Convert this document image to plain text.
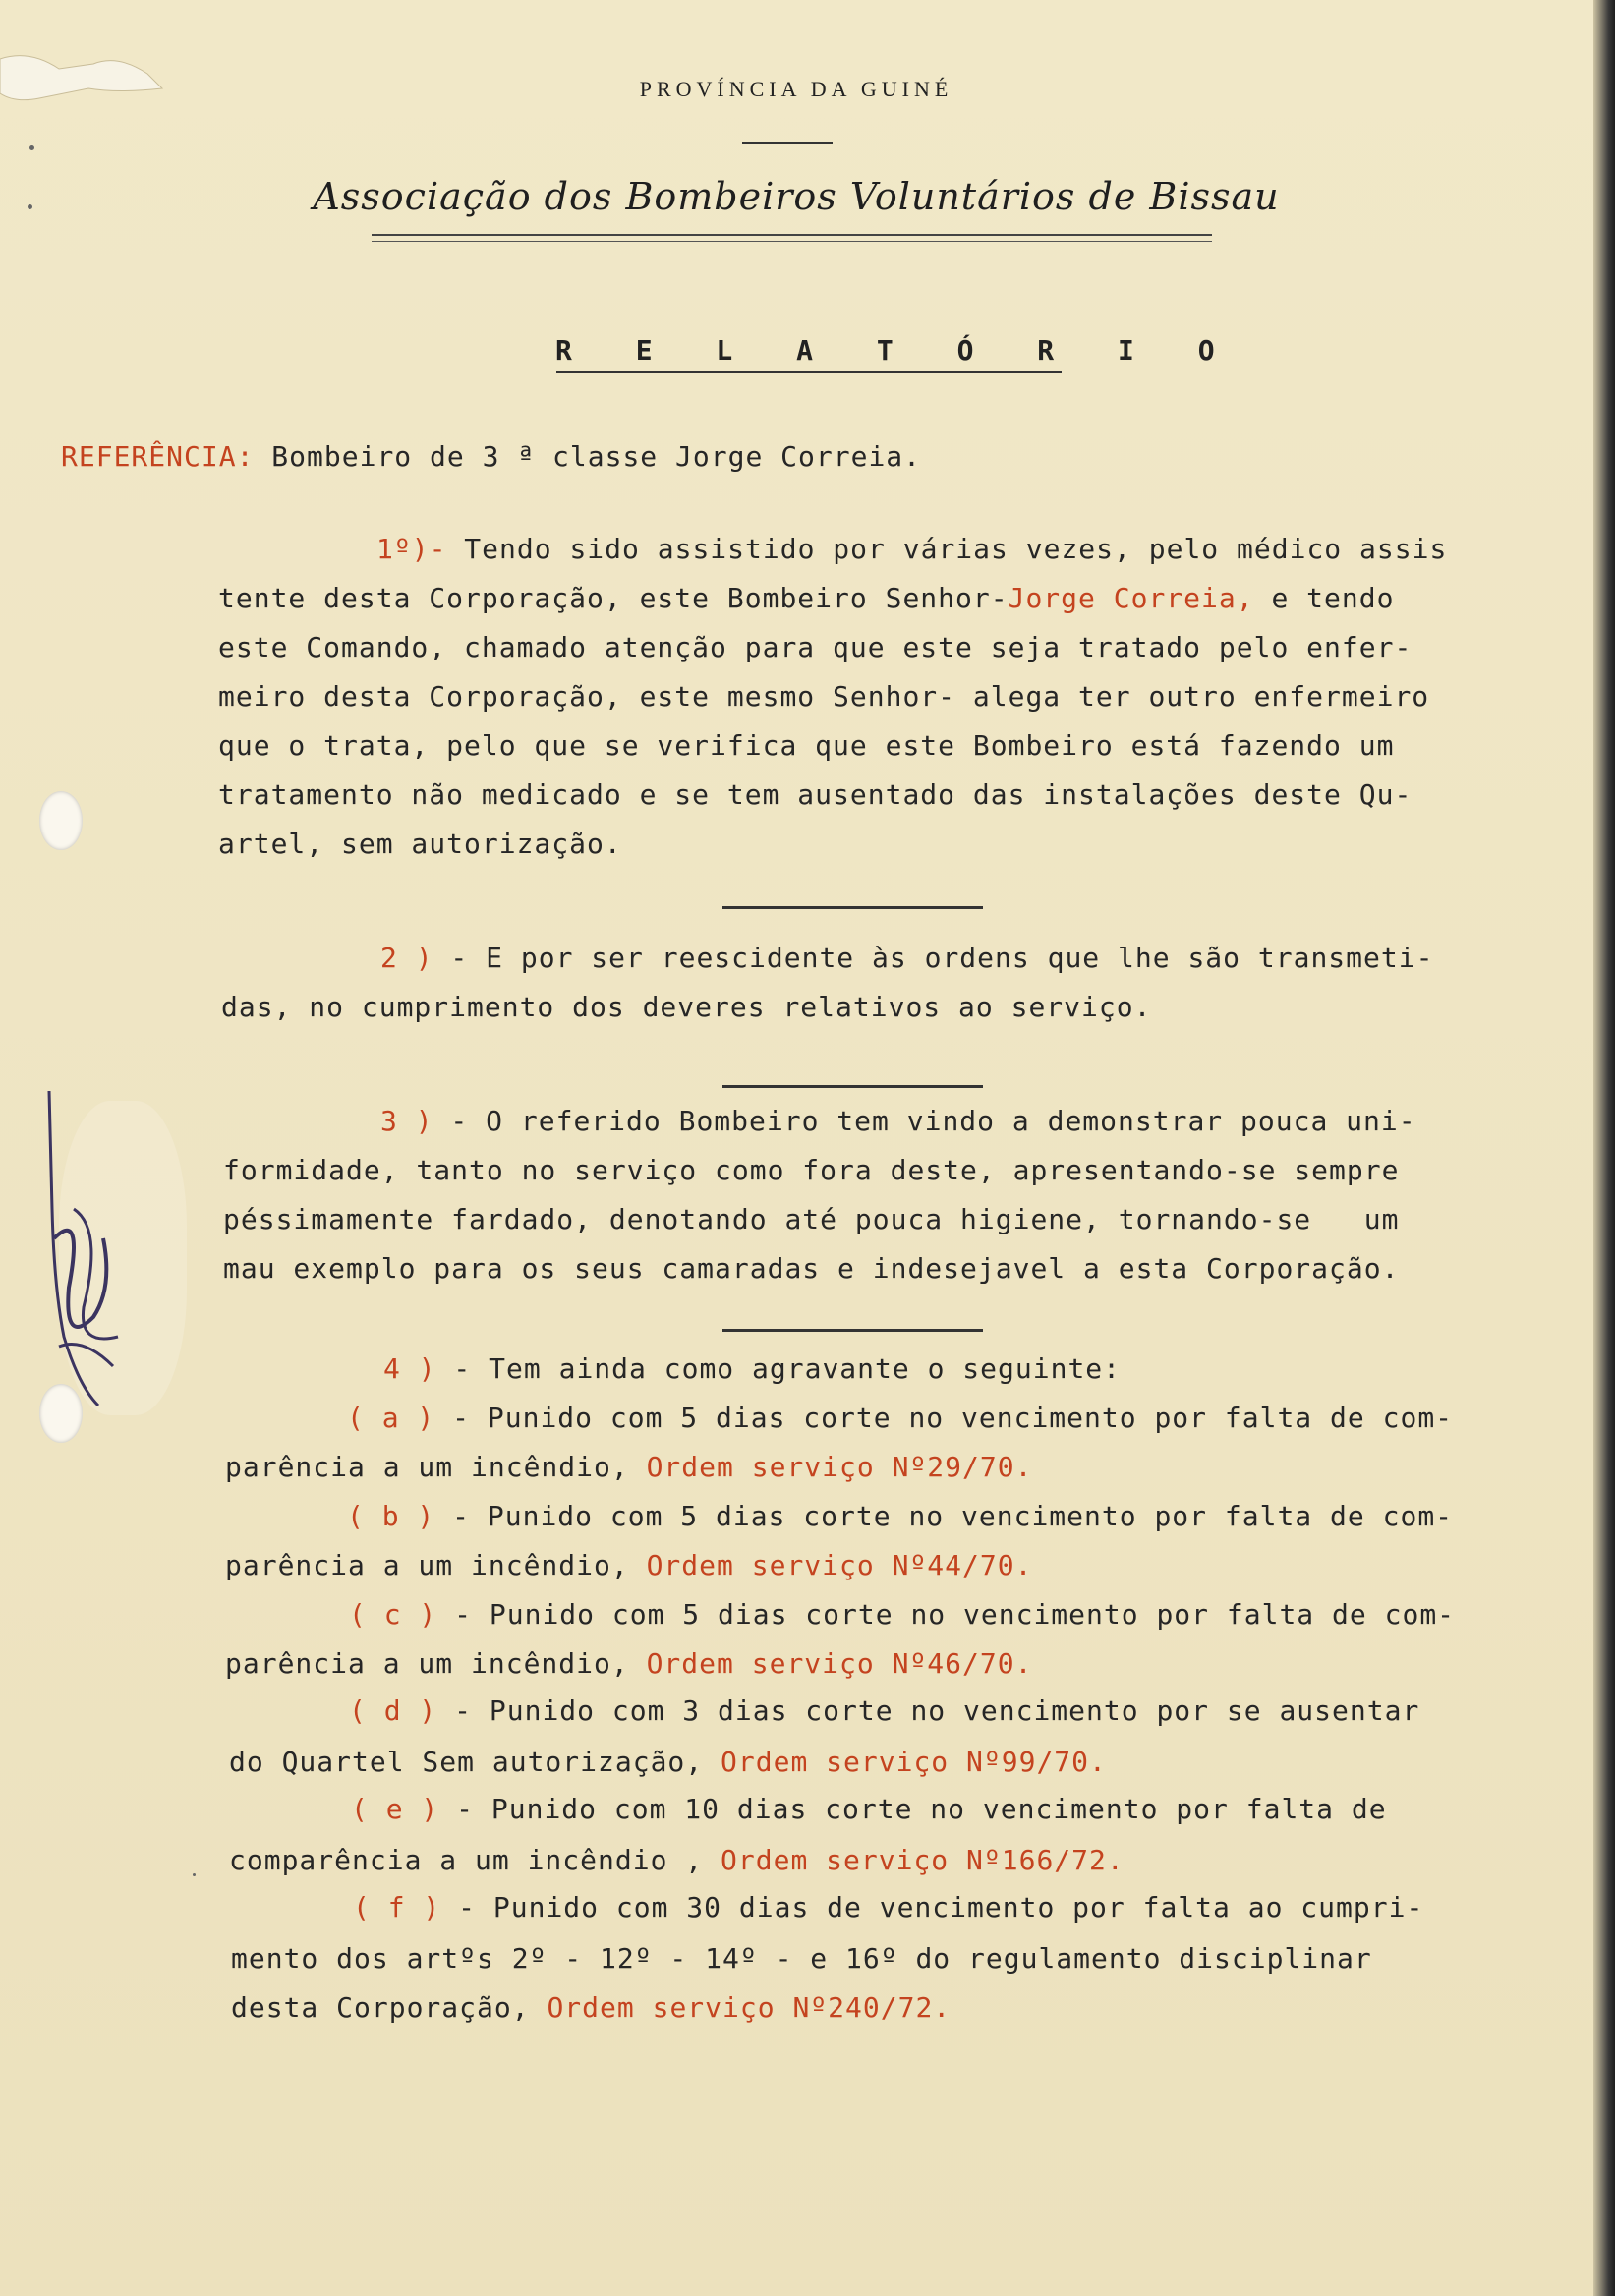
PROVÍNCIA DA GUINÉ
Associação dos Bombeiros Voluntários de Bissau
R E L A T Ó R I O
REFERÊNCIA: Bombeiro de 3 ª classe Jorge Correia.
1º)- Tendo sido assistido por várias vezes, pelo médico assis
tente desta Corporação, este Bombeiro Senhor-Jorge Correia, e tendo
este Comando, chamado atenção para que este seja tratado pelo enfer-
meiro desta Corporação, este mesmo Senhor- alega ter outro enfermeiro
que o trata, pelo que se verifica que este Bombeiro está fazendo um
tratamento não medicado e se tem ausentado das instalações deste Qu-
artel, sem autorização.
2 ) - E por ser reescidente às ordens que lhe são transmeti-
das, no cumprimento dos deveres relativos ao serviço.
3 ) - O referido Bombeiro tem vindo a demonstrar pouca uni-
formidade, tanto no serviço como fora deste, apresentando-se sempre
péssimamente fardado, denotando até pouca higiene, tornando-se   um
mau exemplo para os seus camaradas e indesejavel a esta Corporação.
4 ) - Tem ainda como agravante o seguinte:
( a ) - Punido com 5 dias corte no vencimento por falta de com-
parência a um incêndio, Ordem serviço Nº29/70.
( b ) - Punido com 5 dias corte no vencimento por falta de com-
parência a um incêndio, Ordem serviço Nº44/70.
( c ) - Punido com 5 dias corte no vencimento por falta de com-
parência a um incêndio, Ordem serviço Nº46/70.
( d ) - Punido com 3 dias corte no vencimento por se ausentar
do Quartel Sem autorização, Ordem serviço Nº99/70.
( e ) - Punido com 10 dias corte no vencimento por falta de
comparência a um incêndio , Ordem serviço Nº166/72.
( f ) - Punido com 30 dias de vencimento por falta ao cumpri-
mento dos artºs 2º - 12º - 14º - e 16º do regulamento disciplinar
desta Corporação, Ordem serviço Nº240/72.
